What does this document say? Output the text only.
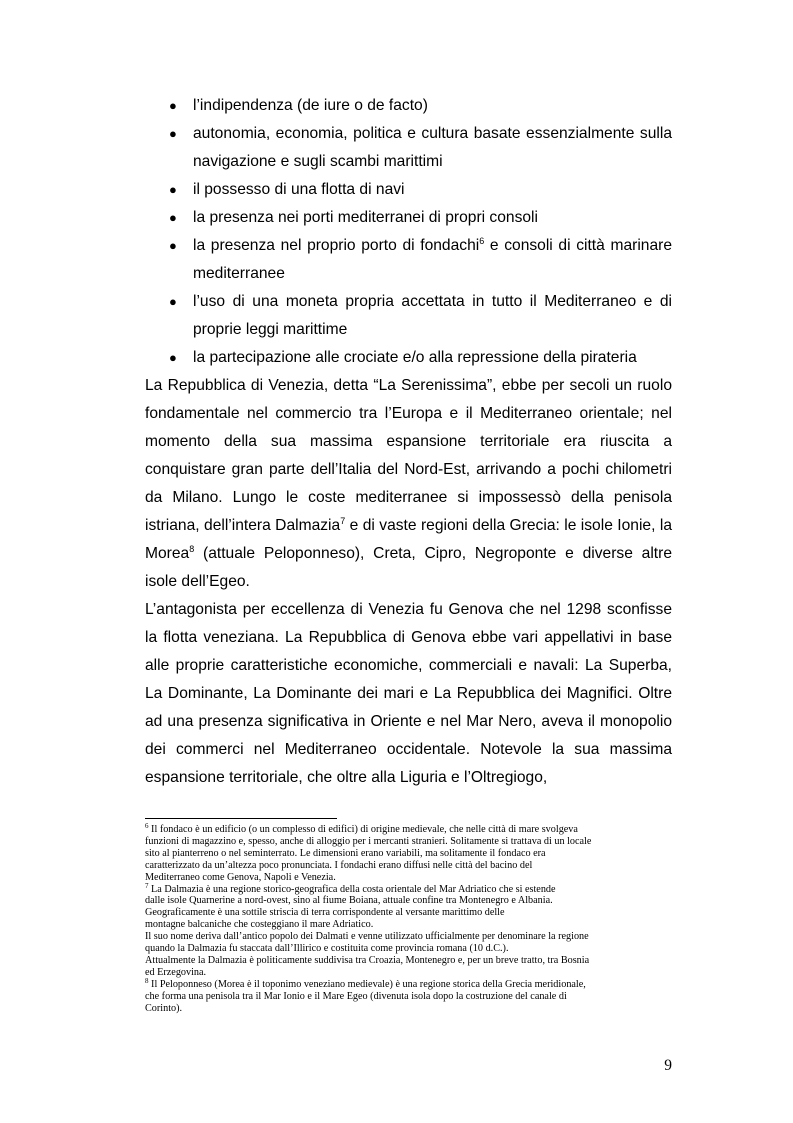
● l’indipendenza (de iure o de facto)
● autonomia, economia, politica e cultura basate essenzialmente sulla navigazione e sugli scambi marittimi
● il possesso di una flotta di navi
● la presenza nei porti mediterranei di propri consoli
● la presenza nel proprio porto di fondachi$^6$ e consoli di città marinare mediterranee
● l’uso di una moneta propria accettata in tutto il Mediterraneo e di proprie leggi marittime
● la partecipazione alle crociate e/o alla repressione della pirateria

La Repubblica di Venezia, detta “La Serenissima”, ebbe per secoli un ruolo fondamentale nel commercio tra l’Europa e il Mediterraneo orientale; nel momento della sua massima espansione territoriale era riuscita a conquistare gran parte dell’Italia del Nord-Est, arrivando a pochi chilometri da Milano. Lungo le coste mediterranee si impossessò della penisola istriana, dell’intera Dalmazia$^7$ e di vaste regioni della Grecia: le isole Ionie, la Morea$^8$ (attuale Peloponneso), Creta, Cipro, Negroponte e diverse altre isole dell’Egeo.

L’antagonista per eccellenza di Venezia fu Genova che nel 1298 sconfisse la flotta veneziana. La Repubblica di Genova ebbe vari appellativi in base alle proprie caratteristiche economiche, commerciali e navali: La Superba, La Dominante, La Dominante dei mari e La Repubblica dei Magnifici. Oltre ad una presenza significativa in Oriente e nel Mar Nero, aveva il monopolio dei commerci nel Mediterraneo occidentale. Notevole la sua massima espansione territoriale, che oltre alla Liguria e l’Oltregiogo,

$^6$ Il fondaco è un edificio (o un complesso di edifici) di origine medievale, che nelle città di mare svolgeva
funzioni di magazzino e, spesso, anche di alloggio per i mercanti stranieri. Solitamente si trattava di un locale
sito al pianterreno o nel seminterrato. Le dimensioni erano variabili, ma solitamente il fondaco era
caratterizzato da un’altezza poco pronunciata. I fondachi erano diffusi nelle città del bacino del
Mediterraneo come Genova, Napoli e Venezia.
$^7$ La Dalmazia è una regione storico-geografica della costa orientale del Mar Adriatico che si estende
dalle isole Quarnerine a nord-ovest, sino al fiume Boiana, attuale confine tra Montenegro e Albania.
Geograficamente è una sottile striscia di terra corrispondente al versante marittimo delle
montagne balcaniche che costeggiano il mare Adriatico.
Il suo nome deriva dall’antico popolo dei Dalmati e venne utilizzato ufficialmente per denominare la regione
quando la Dalmazia fu staccata dall’Illirico e costituita come provincia romana (10 d.C.).
Attualmente la Dalmazia è politicamente suddivisa tra Croazia, Montenegro e, per un breve tratto, tra Bosnia
ed Erzegovina.
$^8$ Il Peloponneso (Morea è il toponimo veneziano medievale) è una regione storica della Grecia meridionale,
che forma una penisola tra il Mar Ionio e il Mare Egeo (divenuta isola dopo la costruzione del canale di
Corinto).
9
